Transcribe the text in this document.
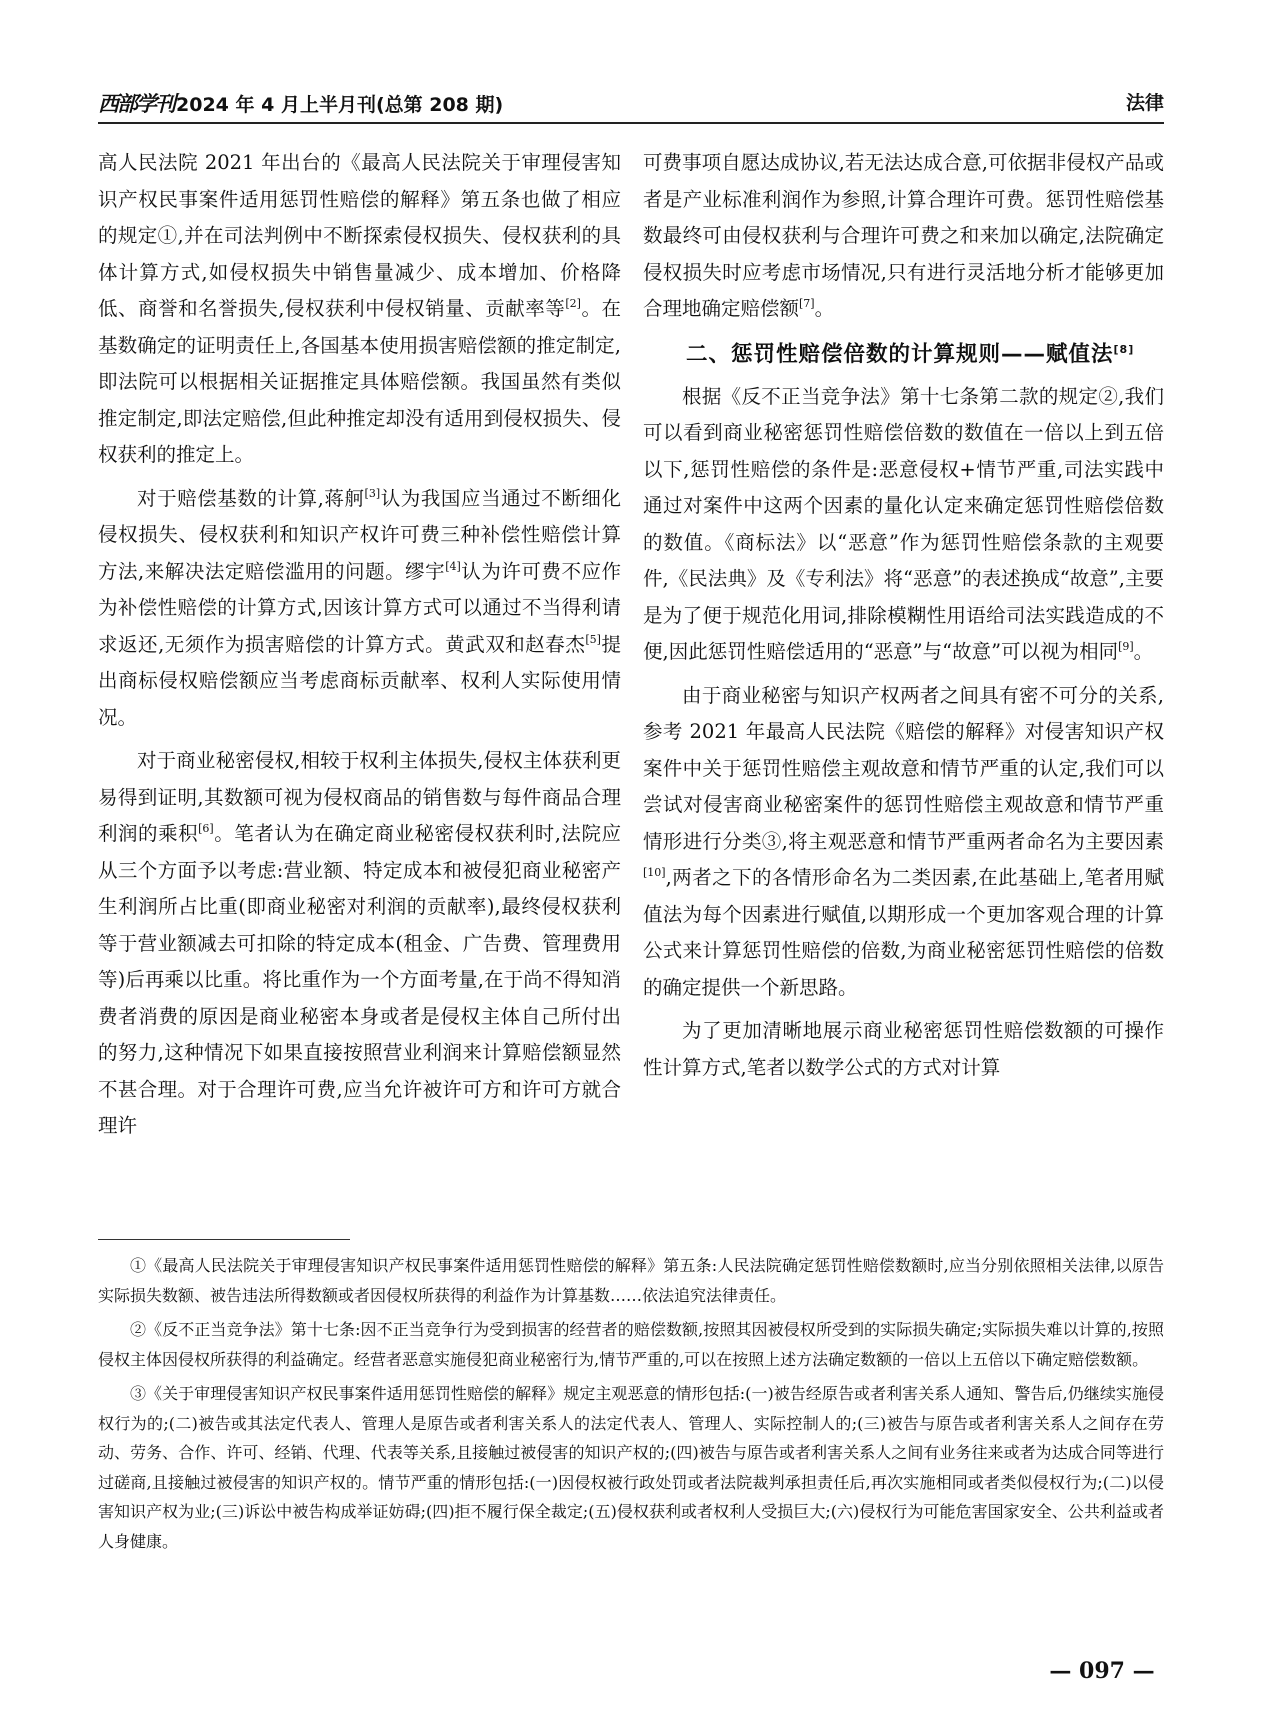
西部学刊 2024 年 4 月上半月刊(总第 208 期)	法律

高人民法院 2021 年出台的《最高人民法院关于审理侵害知识产权民事案件适用惩罚性赔偿的解释》第五条也做了相应的规定①,并在司法判例中不断探索侵权损失、侵权获利的具体计算方式,如侵权损失中销售量减少、成本增加、价格降低、商誉和名誉损失,侵权获利中侵权销量、贡献率等[2]。在基数确定的证明责任上,各国基本使用损害赔偿额的推定制定,即法院可以根据相关证据推定具体赔偿额。我国虽然有类似推定制定,即法定赔偿,但此种推定却没有适用到侵权损失、侵权获利的推定上。

对于赔偿基数的计算,蒋舸[3]认为我国应当通过不断细化侵权损失、侵权获利和知识产权许可费三种补偿性赔偿计算方法,来解决法定赔偿滥用的问题。缪宇[4]认为许可费不应作为补偿性赔偿的计算方式,因该计算方式可以通过不当得利请求返还,无须作为损害赔偿的计算方式。黄武双和赵春杰[5]提出商标侵权赔偿额应当考虑商标贡献率、权利人实际使用情况。

对于商业秘密侵权,相较于权利主体损失,侵权主体获利更易得到证明,其数额可视为侵权商品的销售数与每件商品合理利润的乘积[6]。笔者认为在确定商业秘密侵权获利时,法院应从三个方面予以考虑:营业额、特定成本和被侵犯商业秘密产生利润所占比重(即商业秘密对利润的贡献率),最终侵权获利等于营业额减去可扣除的特定成本(租金、广告费、管理费用等)后再乘以比重。将比重作为一个方面考量,在于尚不得知消费者消费的原因是商业秘密本身或者是侵权主体自己所付出的努力,这种情况下如果直接按照营业利润来计算赔偿额显然不甚合理。对于合理许可费,应当允许被许可方和许可方就合理许

可费事项自愿达成协议,若无法达成合意,可依据非侵权产品或者是产业标准利润作为参照,计算合理许可费。惩罚性赔偿基数最终可由侵权获利与合理许可费之和来加以确定,法院确定侵权损失时应考虑市场情况,只有进行灵活地分析才能够更加合理地确定赔偿额[7]。

二、惩罚性赔偿倍数的计算规则——赋值法[8]

根据《反不正当竞争法》第十七条第二款的规定②,我们可以看到商业秘密惩罚性赔偿倍数的数值在一倍以上到五倍以下,惩罚性赔偿的条件是:恶意侵权+情节严重,司法实践中通过对案件中这两个因素的量化认定来确定惩罚性赔偿倍数的数值。《商标法》以“恶意”作为惩罚性赔偿条款的主观要件,《民法典》及《专利法》将“恶意”的表述换成“故意”,主要是为了便于规范化用词,排除模糊性用语给司法实践造成的不便,因此惩罚性赔偿适用的“恶意”与“故意”可以视为相同[9]。

由于商业秘密与知识产权两者之间具有密不可分的关系,参考 2021 年最高人民法院《赔偿的解释》对侵害知识产权案件中关于惩罚性赔偿主观故意和情节严重的认定,我们可以尝试对侵害商业秘密案件的惩罚性赔偿主观故意和情节严重情形进行分类③,将主观恶意和情节严重两者命名为主要因素[10],两者之下的各情形命名为二类因素,在此基础上,笔者用赋值法为每个因素进行赋值,以期形成一个更加客观合理的计算公式来计算惩罚性赔偿的倍数,为商业秘密惩罚性赔偿的倍数的确定提供一个新思路。

为了更加清晰地展示商业秘密惩罚性赔偿数额的可操作性计算方式,笔者以数学公式的方式对计算

①《最高人民法院关于审理侵害知识产权民事案件适用惩罚性赔偿的解释》第五条:人民法院确定惩罚性赔偿数额时,应当分别依照相关法律,以原告实际损失数额、被告违法所得数额或者因侵权所获得的利益作为计算基数……依法追究法律责任。

②《反不正当竞争法》第十七条:因不正当竞争行为受到损害的经营者的赔偿数额,按照其因被侵权所受到的实际损失确定;实际损失难以计算的,按照侵权主体因侵权所获得的利益确定。经营者恶意实施侵犯商业秘密行为,情节严重的,可以在按照上述方法确定数额的一倍以上五倍以下确定赔偿数额。

③《关于审理侵害知识产权民事案件适用惩罚性赔偿的解释》规定主观恶意的情形包括:(一)被告经原告或者利害关系人通知、警告后,仍继续实施侵权行为的;(二)被告或其法定代表人、管理人是原告或者利害关系人的法定代表人、管理人、实际控制人的;(三)被告与原告或者利害关系人之间存在劳动、劳务、合作、许可、经销、代理、代表等关系,且接触过被侵害的知识产权的;(四)被告与原告或者利害关系人之间有业务往来或者为达成合同等进行过磋商,且接触过被侵害的知识产权的。情节严重的情形包括:(一)因侵权被行政处罚或者法院裁判承担责任后,再次实施相同或者类似侵权行为;(二)以侵害知识产权为业;(三)诉讼中被告构成举证妨碍;(四)拒不履行保全裁定;(五)侵权获利或者权利人受损巨大;(六)侵权行为可能危害国家安全、公共利益或者人身健康。

— 097 —
